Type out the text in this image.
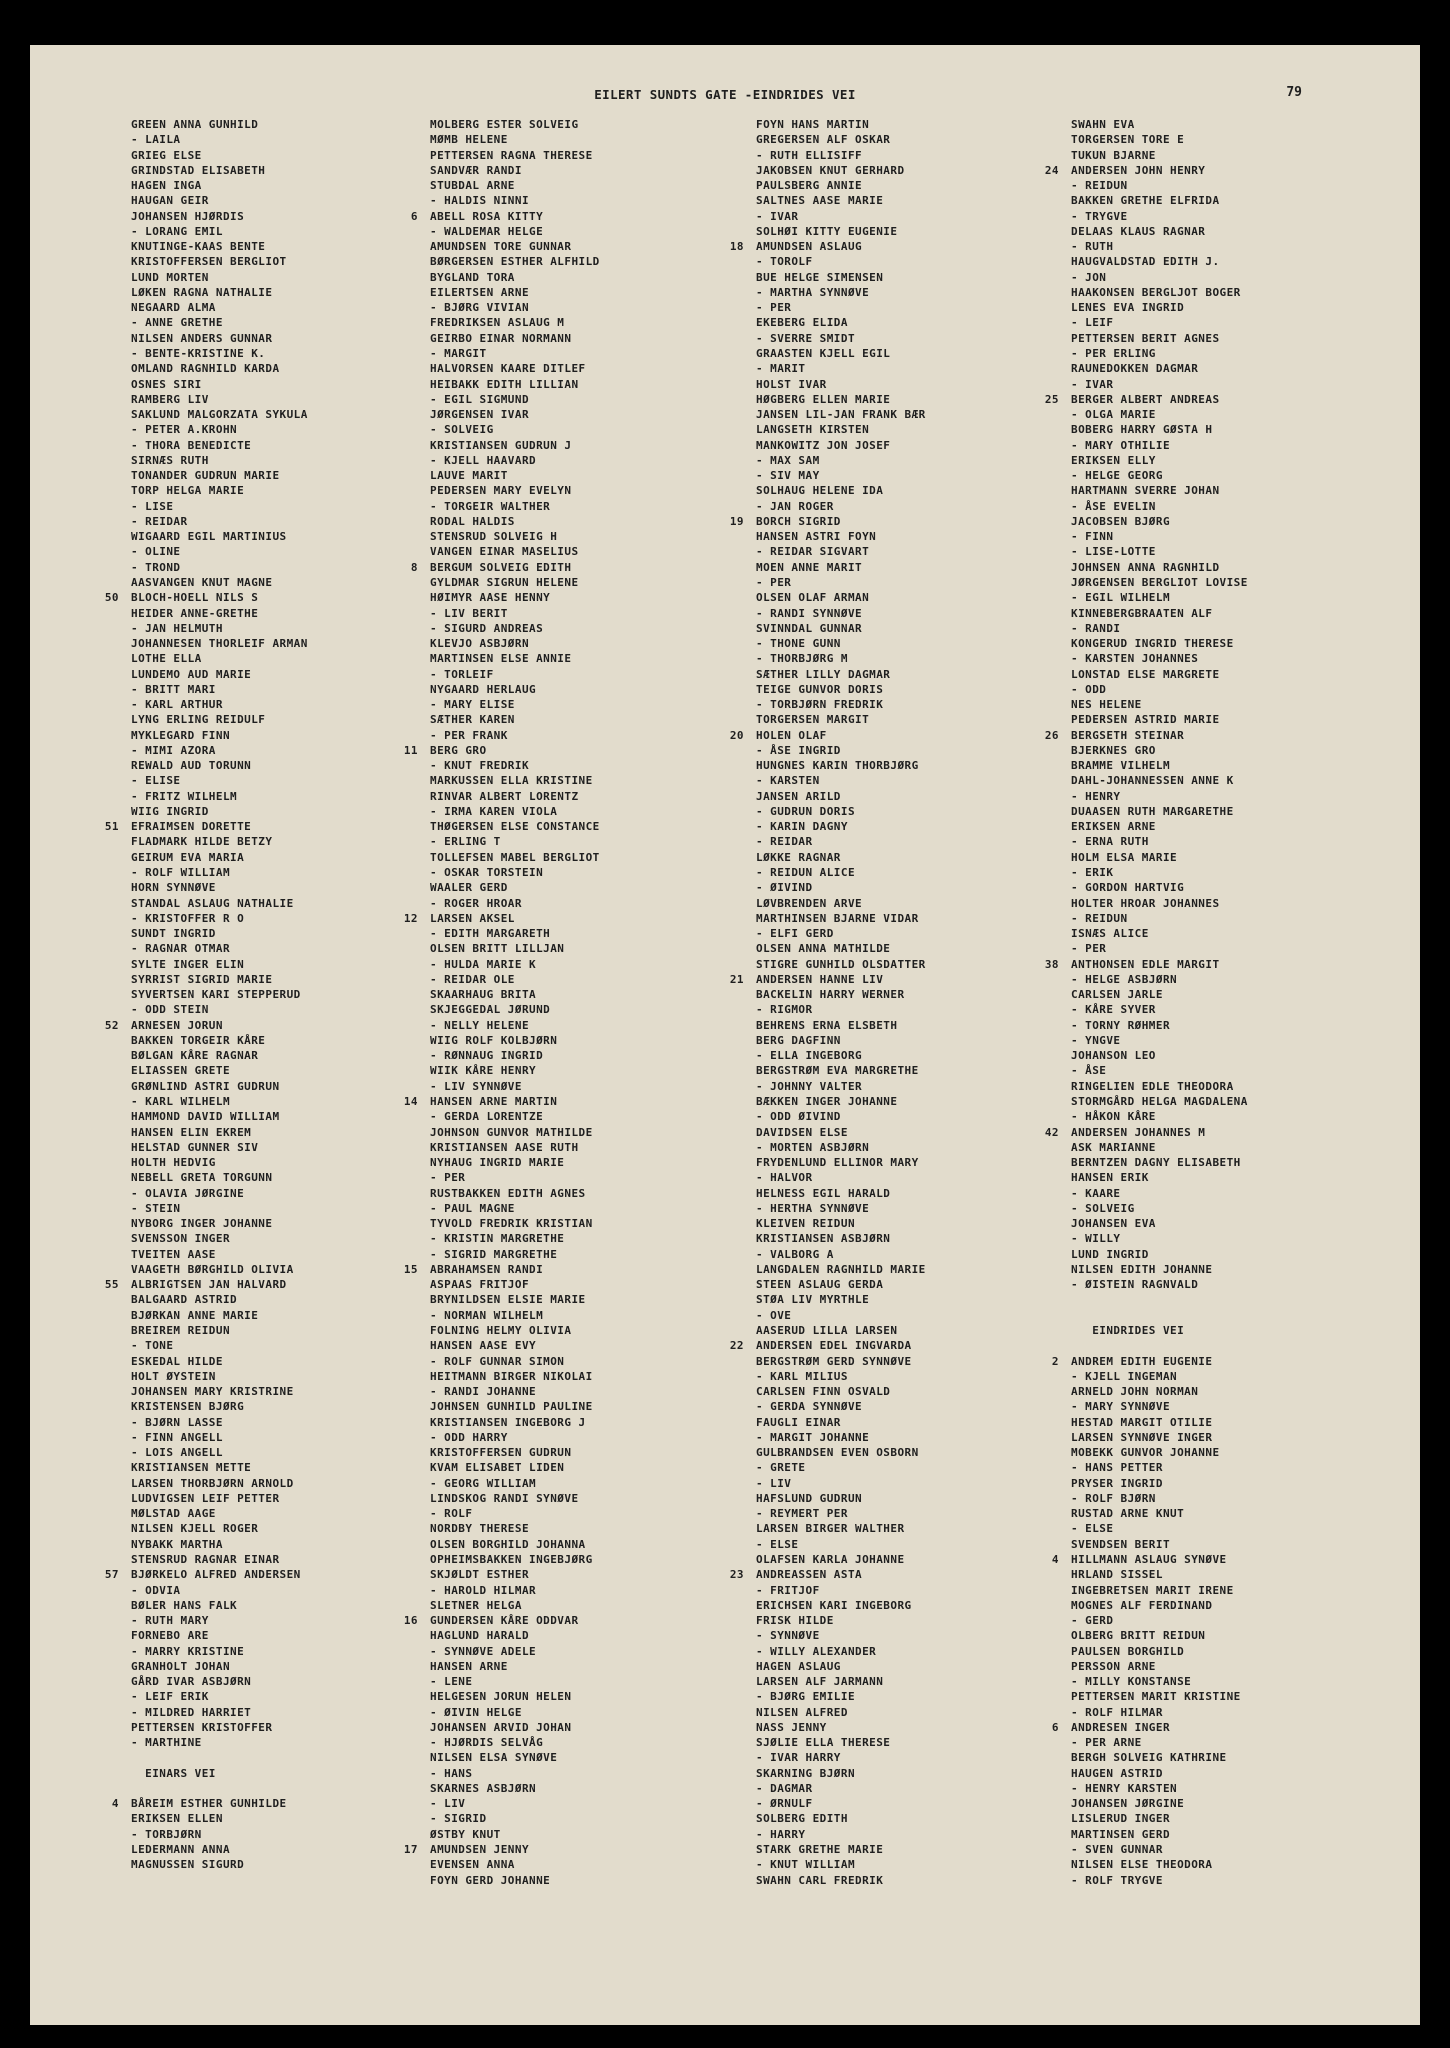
EILERT SUNDTS GATE -EINDRIDES VEI	79
GREEN ANNA GUNHILD
- LAILA
GRIEG ELSE
GRINDSTAD ELISABETH
HAGEN INGA
HAUGAN GEIR
JOHANSEN HJØRDIS
- LORANG EMIL
KNUTINGE-KAAS BENTE
KRISTOFFERSEN BERGLIOT
LUND MORTEN
LØKEN RAGNA NATHALIE
NEGAARD ALMA
- ANNE GRETHE
NILSEN ANDERS GUNNAR
- BENTE-KRISTINE K.
OMLAND RAGNHILD KARDA
OSNES SIRI
RAMBERG LIV
SAKLUND MALGORZATA SYKULA
- PETER A.KROHN
- THORA BENEDICTE
SIRNÆS RUTH
TONANDER GUDRUN MARIE
TORP HELGA MARIE
- LISE
- REIDAR
WIGAARD EGIL MARTINIUS
- OLINE
- TROND
AASVANGEN KNUT MAGNE
50 BLOCH-HOELL NILS S
HEIDER ANNE-GRETHE
- JAN HELMUTH
JOHANNESEN THORLEIF ARMAN
LOTHE ELLA
LUNDEMO AUD MARIE
- BRITT MARI
- KARL ARTHUR
LYNG ERLING REIDULF
MYKLEGARD FINN
- MIMI AZORA
REWALD AUD TORUNN
- ELISE
- FRITZ WILHELM
WIIG INGRID
51 EFRAIMSEN DORETTE
FLADMARK HILDE BETZY
GEIRUM EVA MARIA
- ROLF WILLIAM
HORN SYNNØVE
STANDAL ASLAUG NATHALIE
- KRISTOFFER R O
SUNDT INGRID
- RAGNAR OTMAR
SYLTE INGER ELIN
SYRRIST SIGRID MARIE
SYVERTSEN KARI STEPPERUD
- ODD STEIN
52 ARNESEN JORUN
BAKKEN TORGEIR KÅRE
BØLGAN KÅRE RAGNAR
ELIASSEN GRETE
GRØNLIND ASTRI GUDRUN
- KARL WILHELM
HAMMOND DAVID WILLIAM
HANSEN ELIN EKREM
HELSTAD GUNNER SIV
HOLTH HEDVIG
NEBELL GRETA TORGUNN
- OLAVIA JØRGINE
- STEIN
NYBORG INGER JOHANNE
SVENSSON INGER
TVEITEN AASE
VAAGETH BØRGHILD OLIVIA
55 ALBRIGTSEN JAN HALVARD
BALGAARD ASTRID
BJØRKAN ANNE MARIE
BREIREM REIDUN
- TONE
ESKEDAL HILDE
HOLT ØYSTEIN
JOHANSEN MARY KRISTRINE
KRISTENSEN BJØRG
- BJØRN LASSE
- FINN ANGELL
- LOIS ANGELL
KRISTIANSEN METTE
LARSEN THORBJØRN ARNOLD
LUDVIGSEN LEIF PETTER
MØLSTAD AAGE
NILSEN KJELL ROGER
NYBAKK MARTHA
STENSRUD RAGNAR EINAR
57 BJØRKELO ALFRED ANDERSEN
- ODVIA
BØLER HANS FALK
- RUTH MARY
FORNEBO ARE
- MARRY KRISTINE
GRANHOLT JOHAN
GÅRD IVAR ASBJØRN
- LEIF ERIK
- MILDRED HARRIET
PETTERSEN KRISTOFFER
- MARTHINE
EINARS VEI
4 BÅREIM ESTHER GUNHILDE
ERIKSEN ELLEN
- TORBJØRN
LEDERMANN ANNA
MAGNUSSEN SIGURD
MOLBERG ESTER SOLVEIG
MØMB HELENE
PETTERSEN RAGNA THERESE
SANDVÆR RANDI
STUBDAL ARNE
- HALDIS NINNI
6 ABELL ROSA KITTY
- WALDEMAR HELGE
AMUNDSEN TORE GUNNAR
BØRGERSEN ESTHER ALFHILD
BYGLAND TORA
EILERTSEN ARNE
- BJØRG VIVIAN
FREDRIKSEN ASLAUG M
GEIRBO EINAR NORMANN
- MARGIT
HALVORSEN KAARE DITLEF
HEIBAKK EDITH LILLIAN
- EGIL SIGMUND
JØRGENSEN IVAR
- SOLVEIG
KRISTIANSEN GUDRUN J
- KJELL HAAVARD
LAUVE MARIT
PEDERSEN MARY EVELYN
- TORGEIR WALTHER
RODAL HALDIS
STENSRUD SOLVEIG H
VANGEN EINAR MASELIUS
8 BERGUM SOLVEIG EDITH
GYLDMAR SIGRUN HELENE
HØIMYR AASE HENNY
- LIV BERIT
- SIGURD ANDREAS
KLEVJO ASBJØRN
MARTINSEN ELSE ANNIE
- TORLEIF
NYGAARD HERLAUG
- MARY ELISE
SÆTHER KAREN
- PER FRANK
11 BERG GRO
- KNUT FREDRIK
MARKUSSEN ELLA KRISTINE
RINVAR ALBERT LORENTZ
- IRMA KAREN VIOLA
THØGERSEN ELSE CONSTANCE
- ERLING T
TOLLEFSEN MABEL BERGLIOT
- OSKAR TORSTEIN
WAALER GERD
- ROGER HROAR
12 LARSEN AKSEL
- EDITH MARGARETH
OLSEN BRITT LILLJAN
- HULDA MARIE K
- REIDAR OLE
SKAARHAUG BRITA
SKJEGGEDAL JØRUND
- NELLY HELENE
WIIG ROLF KOLBJØRN
- RØNNAUG INGRID
WIIK KÅRE HENRY
- LIV SYNNØVE
14 HANSEN ARNE MARTIN
- GERDA LORENTZE
JOHNSON GUNVOR MATHILDE
KRISTIANSEN AASE RUTH
NYHAUG INGRID MARIE
- PER
RUSTBAKKEN EDITH AGNES
- PAUL MAGNE
TYVOLD FREDRIK KRISTIAN
- KRISTIN MARGRETHE
- SIGRID MARGRETHE
15 ABRAHAMSEN RANDI
ASPAAS FRITJOF
BRYNILDSEN ELSIE MARIE
- NORMAN WILHELM
FOLNING HELMY OLIVIA
HANSEN AASE EVY
- ROLF GUNNAR SIMON
HEITMANN BIRGER NIKOLAI
- RANDI JOHANNE
JOHNSEN GUNHILD PAULINE
KRISTIANSEN INGEBORG J
- ODD HARRY
KRISTOFFERSEN GUDRUN
KVAM ELISABET LIDEN
- GEORG WILLIAM
LINDSKOG RANDI SYNØVE
- ROLF
NORDBY THERESE
OLSEN BORGHILD JOHANNA
OPHEIMSBAKKEN INGEBJØRG
SKJØLDT ESTHER
- HAROLD HILMAR
SLETNER HELGA
16 GUNDERSEN KÅRE ODDVAR
HAGLUND HARALD
- SYNNØVE ADELE
HANSEN ARNE
- LENE
HELGESEN JORUN HELEN
- ØIVIN HELGE
JOHANSEN ARVID JOHAN
- HJØRDIS SELVÅG
NILSEN ELSA SYNØVE
- HANS
SKARNES ASBJØRN
- LIV
- SIGRID
ØSTBY KNUT
17 AMUNDSEN JENNY
EVENSEN ANNA
FOYN GERD JOHANNE
FOYN HANS MARTIN
GREGERSEN ALF OSKAR
- RUTH ELLISIFF
JAKOBSEN KNUT GERHARD
PAULSBERG ANNIE
SALTNES AASE MARIE
- IVAR
SOLHØI KITTY EUGENIE
18 AMUNDSEN ASLAUG
- TOROLF
BUE HELGE SIMENSEN
- MARTHA SYNNØVE
- PER
EKEBERG ELIDA
- SVERRE SMIDT
GRAASTEN KJELL EGIL
- MARIT
HOLST IVAR
HØGBERG ELLEN MARIE
JANSEN LIL-JAN FRANK BÆR
LANGSETH KIRSTEN
MANKOWITZ JON JOSEF
- MAX SAM
- SIV MAY
SOLHAUG HELENE IDA
- JAN ROGER
19 BORCH SIGRID
HANSEN ASTRI FOYN
- REIDAR SIGVART
MOEN ANNE MARIT
- PER
OLSEN OLAF ARMAN
- RANDI SYNNØVE
SVINNDAL GUNNAR
- THONE GUNN
- THORBJØRG M
SÆTHER LILLY DAGMAR
TEIGE GUNVOR DORIS
- TORBJØRN FREDRIK
TORGERSEN MARGIT
20 HOLEN OLAF
- ÅSE INGRID
HUNGNES KARIN THORBJØRG
- KARSTEN
JANSEN ARILD
- GUDRUN DORIS
- KARIN DAGNY
- REIDAR
LØKKE RAGNAR
- REIDUN ALICE
- ØIVIND
LØVBRENDEN ARVE
MARTHINSEN BJARNE VIDAR
- ELFI GERD
OLSEN ANNA MATHILDE
STIGRE GUNHILD OLSDATTER
21 ANDERSEN HANNE LIV
BACKELIN HARRY WERNER
- RIGMOR
BEHRENS ERNA ELSBETH
BERG DAGFINN
- ELLA INGEBORG
BERGSTRØM EVA MARGRETHE
- JOHNNY VALTER
BÆKKEN INGER JOHANNE
- ODD ØIVIND
DAVIDSEN ELSE
- MORTEN ASBJØRN
FRYDENLUND ELLINOR MARY
- HALVOR
HELNESS EGIL HARALD
- HERTHA SYNNØVE
KLEIVEN REIDUN
KRISTIANSEN ASBJØRN
- VALBORG A
LANGDALEN RAGNHILD MARIE
STEEN ASLAUG GERDA
STØA LIV MYRTHLE
- OVE
AASERUD LILLA LARSEN
22 ANDERSEN EDEL INGVARDA
BERGSTRØM GERD SYNNØVE
- KARL MILIUS
CARLSEN FINN OSVALD
- GERDA SYNNØVE
FAUGLI EINAR
- MARGIT JOHANNE
GULBRANDSEN EVEN OSBORN
- GRETE
- LIV
HAFSLUND GUDRUN
- REYMERT PER
LARSEN BIRGER WALTHER
- ELSE
OLAFSEN KARLA JOHANNE
23 ANDREASSEN ASTA
- FRITJOF
ERICHSEN KARI INGEBORG
FRISK HILDE
- SYNNØVE
- WILLY ALEXANDER
HAGEN ASLAUG
LARSEN ALF JARMANN
- BJØRG EMILIE
NILSEN ALFRED
NASS JENNY
SJØLIE ELLA THERESE
- IVAR HARRY
SKARNING BJØRN
- DAGMAR
- ØRNULF
SOLBERG EDITH
- HARRY
STARK GRETHE MARIE
- KNUT WILLIAM
SWAHN CARL FREDRIK
SWAHN EVA
TORGERSEN TORE E
TUKUN BJARNE
24 ANDERSEN JOHN HENRY
- REIDUN
BAKKEN GRETHE ELFRIDA
- TRYGVE
DELAAS KLAUS RAGNAR
- RUTH
HAUGVALDSTAD EDITH J.
- JON
HAAKONSEN BERGLJOT BOGER
LENES EVA INGRID
- LEIF
PETTERSEN BERIT AGNES
- PER ERLING
RAUNEDOKKEN DAGMAR
- IVAR
25 BERGER ALBERT ANDREAS
- OLGA MARIE
BOBERG HARRY GØSTA H
- MARY OTHILIE
ERIKSEN ELLY
- HELGE GEORG
HARTMANN SVERRE JOHAN
- ÅSE EVELIN
JACOBSEN BJØRG
- FINN
- LISE-LOTTE
JOHNSEN ANNA RAGNHILD
JØRGENSEN BERGLIOT LOVISE
- EGIL WILHELM
KINNEBERGBRAATEN ALF
- RANDI
KONGERUD INGRID THERESE
- KARSTEN JOHANNES
LONSTAD ELSE MARGRETE
- ODD
NES HELENE
PEDERSEN ASTRID MARIE
26 BERGSETH STEINAR
BJERKNES GRO
BRAMME VILHELM
DAHL-JOHANNESSEN ANNE K
- HENRY
DUAASEN RUTH MARGARETHE
ERIKSEN ARNE
- ERNA RUTH
HOLM ELSA MARIE
- ERIK
- GORDON HARTVIG
HOLTER HROAR JOHANNES
- REIDUN
ISNÆS ALICE
- PER
38 ANTHONSEN EDLE MARGIT
- HELGE ASBJØRN
CARLSEN JARLE
- KÅRE SYVER
- TORNY RØHMER
- YNGVE
JOHANSON LEO
- ÅSE
RINGELIEN EDLE THEODORA
STORMGÅRD HELGA MAGDALENA
- HÅKON KÅRE
42 ANDERSEN JOHANNES M
ASK MARIANNE
BERNTZEN DAGNY ELISABETH
HANSEN ERIK
- KAARE
- SOLVEIG
JOHANSEN EVA
- WILLY
LUND INGRID
NILSEN EDITH JOHANNE
- ØISTEIN RAGNVALD
EINDRIDES VEI
2 ANDREM EDITH EUGENIE
- KJELL INGEMAN
ARNELD JOHN NORMAN
- MARY SYNNØVE
HESTAD MARGIT OTILIE
LARSEN SYNNØVE INGER
MOBEKK GUNVOR JOHANNE
- HANS PETTER
PRYSER INGRID
- ROLF BJØRN
RUSTAD ARNE KNUT
- ELSE
SVENDSEN BERIT
4 HILLMANN ASLAUG SYNØVE
HRLAND SISSEL
INGEBRETSEN MARIT IRENE
MOGNES ALF FERDINAND
- GERD
OLBERG BRITT REIDUN
PAULSEN BORGHILD
PERSSON ARNE
- MILLY KONSTANSE
PETTERSEN MARIT KRISTINE
- ROLF HILMAR
6 ANDRESEN INGER
- PER ARNE
BERGH SOLVEIG KATHRINE
HAUGEN ASTRID
- HENRY KARSTEN
JOHANSEN JØRGINE
LISLERUD INGER
MARTINSEN GERD
- SVEN GUNNAR
NILSEN ELSE THEODORA
- ROLF TRYGVE
